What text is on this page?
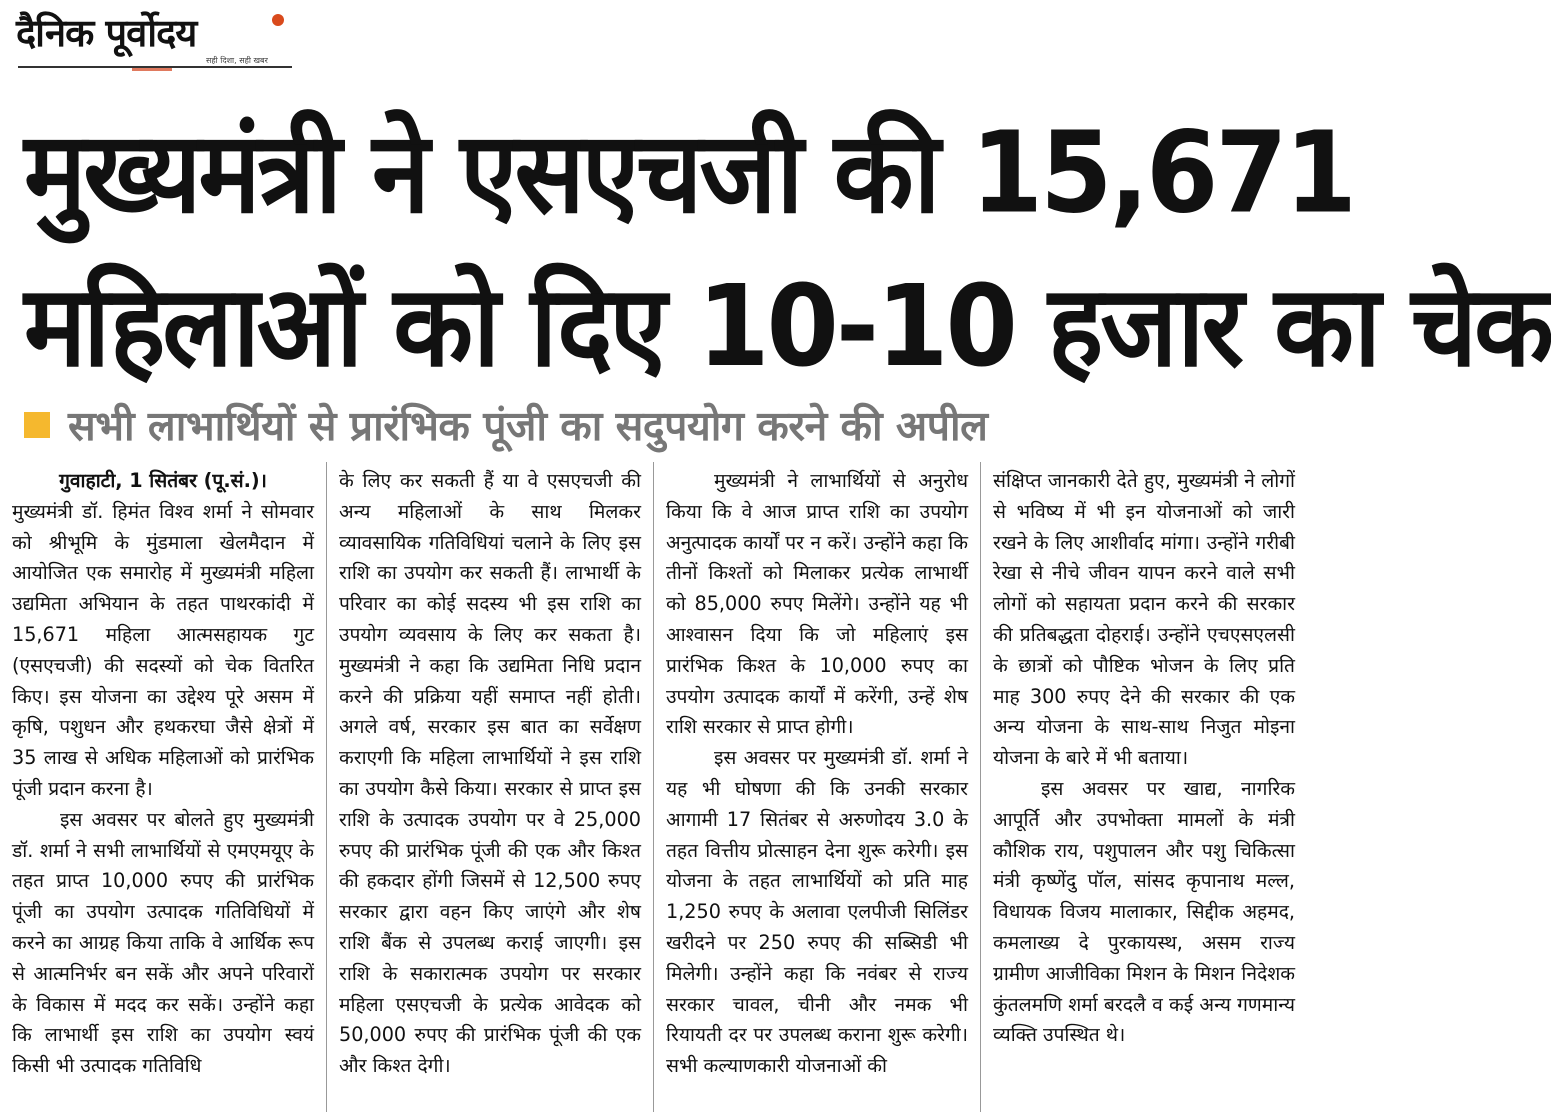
दैनिक पूर्वोदय
सही दिशा, सही खबर
मुख्यमंत्री ने एसएचजी की 15,671
महिलाओं को दिए 10-10 हजार का चेक
सभी लाभार्थियों से प्रारंभिक पूंजी का सदुपयोग करने की अपील

गुवाहाटी, 1 सितंबर (पू.सं.)।

मुख्यमंत्री डॉ. हिमंत विश्व शर्मा ने सोमवार को श्रीभूमि के मुंडमाला खेलमैदान में आयोजित एक समारोह में मुख्यमंत्री महिला उद्यमिता अभियान के तहत पाथरकांदी में 15,671 महिला आत्मसहायक गुट (एसएचजी) की सदस्यों को चेक वितरित किए। इस योजना का उद्देश्य पूरे असम में कृषि, पशुधन और हथकरघा जैसे क्षेत्रों में 35 लाख से अधिक महिलाओं को प्रारंभिक पूंजी प्रदान करना है।

इस अवसर पर बोलते हुए मुख्यमंत्री डॉ. शर्मा ने सभी लाभार्थियों से एमएमयूए के तहत प्राप्त 10,000 रुपए की प्रारंभिक पूंजी का उपयोग उत्पादक गतिविधियों में करने का आग्रह किया ताकि वे आर्थिक रूप से आत्मनिर्भर बन सकें और अपने परिवारों के विकास में मदद कर सकें। उन्होंने कहा कि लाभार्थी इस राशि का उपयोग स्वयं किसी भी उत्पादक गतिविधि

के लिए कर सकती हैं या वे एसएचजी की अन्य महिलाओं के साथ मिलकर व्यावसायिक गतिविधियां चलाने के लिए इस राशि का उपयोग कर सकती हैं। लाभार्थी के परिवार का कोई सदस्य भी इस राशि का उपयोग व्यवसाय के लिए कर सकता है। मुख्यमंत्री ने कहा कि उद्यमिता निधि प्रदान करने की प्रक्रिया यहीं समाप्त नहीं होती। अगले वर्ष, सरकार इस बात का सर्वेक्षण कराएगी कि महिला लाभार्थियों ने इस राशि का उपयोग कैसे किया। सरकार से प्राप्त इस राशि के उत्पादक उपयोग पर वे 25,000 रुपए की प्रारंभिक पूंजी की एक और किश्त की हकदार होंगी जिसमें से 12,500 रुपए सरकार द्वारा वहन किए जाएंगे और शेष राशि बैंक से उपलब्ध कराई जाएगी। इस राशि के सकारात्मक उपयोग पर सरकार महिला एसएचजी के प्रत्येक आवेदक को 50,000 रुपए की प्रारंभिक पूंजी की एक और किश्त देगी।

मुख्यमंत्री ने लाभार्थियों से अनुरोध किया कि वे आज प्राप्त राशि का उपयोग अनुत्पादक कार्यों पर न करें। उन्होंने कहा कि तीनों किश्तों को मिलाकर प्रत्येक लाभार्थी को 85,000 रुपए मिलेंगे। उन्होंने यह भी आश्वासन दिया कि जो महिलाएं इस प्रारंभिक किश्त के 10,000 रुपए का उपयोग उत्पादक कार्यों में करेंगी, उन्हें शेष राशि सरकार से प्राप्त होगी।

इस अवसर पर मुख्यमंत्री डॉ. शर्मा ने यह भी घोषणा की कि उनकी सरकार आगामी 17 सितंबर से अरुणोदय 3.0 के तहत वित्तीय प्रोत्साहन देना शुरू करेगी। इस योजना के तहत लाभार्थियों को प्रति माह 1,250 रुपए के अलावा एलपीजी सिलिंडर खरीदने पर 250 रुपए की सब्सिडी भी मिलेगी। उन्होंने कहा कि नवंबर से राज्य सरकार चावल, चीनी और नमक भी रियायती दर पर उपलब्ध कराना शुरू करेगी। सभी कल्याणकारी योजनाओं की

संक्षिप्त जानकारी देते हुए, मुख्यमंत्री ने लोगों से भविष्य में भी इन योजनाओं को जारी रखने के लिए आशीर्वाद मांगा। उन्होंने गरीबी रेखा से नीचे जीवन यापन करने वाले सभी लोगों को सहायता प्रदान करने की सरकार की प्रतिबद्धता दोहराई। उन्होंने एचएसएलसी के छात्रों को पौष्टिक भोजन के लिए प्रति माह 300 रुपए देने की सरकार की एक अन्य योजना के साथ-साथ निजुत मोइना योजना के बारे में भी बताया।

इस अवसर पर खाद्य, नागरिक आपूर्ति और उपभोक्ता मामलों के मंत्री कौशिक राय, पशुपालन और पशु चिकित्सा मंत्री कृष्णेंदु पॉल, सांसद कृपानाथ मल्ल, विधायक विजय मालाकार, सिद्दीक अहमद, कमलाख्य दे पुरकायस्थ, असम राज्य ग्रामीण आजीविका मिशन के मिशन निदेशक कुंतलमणि शर्मा बरदलै व कई अन्य गणमान्य व्यक्ति उपस्थित थे।
